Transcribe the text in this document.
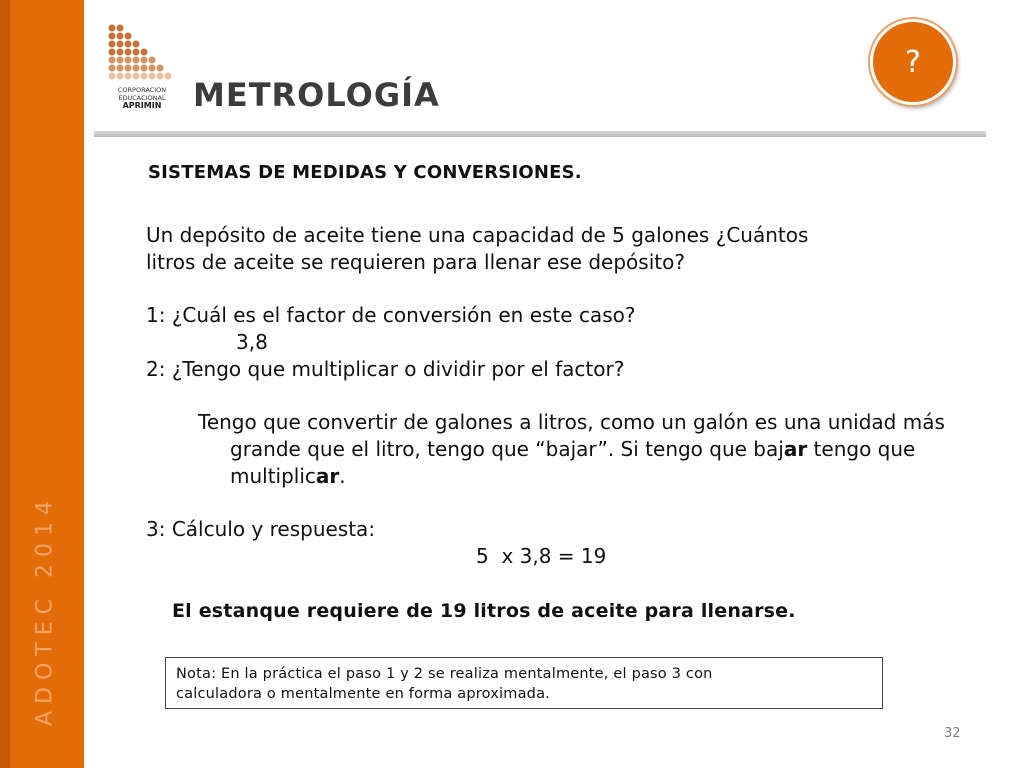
ADOTEC 2014
CORPORACION
EDUCACIONAL
APRIMIN METROLOGÍA
?
SISTEMAS DE MEDIDAS Y CONVERSIONES.

Un depósito de aceite tiene una capacidad de 5 galones ¿Cuántos

litros de aceite se requieren para llenar ese depósito?

1: ¿Cuál es el factor de conversión en este caso?

3,8

2: ¿Tengo que multiplicar o dividir por el factor?

Tengo que convertir de galones a litros, como un galón es una unidad más grande que el litro, tengo que “bajar”. Si tengo que bajar tengo que multiplicar.

3: Cálculo y respuesta:

5  x 3,8 = 19

El estanque requiere de 19 litros de aceite para llenarse.
Nota: En la práctica el paso 1 y 2 se realiza mentalmente, el paso 3 con
calculadora o mentalmente en forma aproximada.
32
